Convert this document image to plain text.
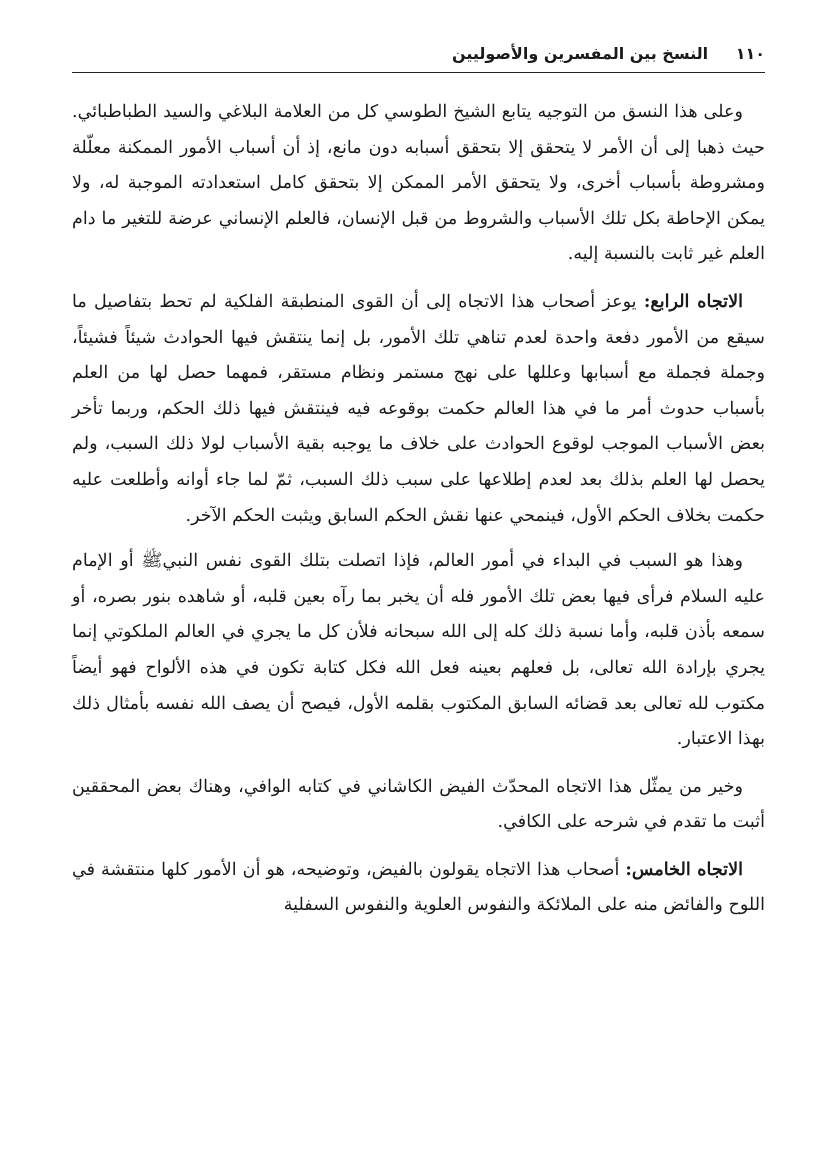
١١٠ النسخ بين المفسرين والأصوليين

وعلى هذا النسق من التوجيه يتابع الشيخ الطوسي كل من العلامة البلاغي والسيد الطباطبائي. حيث ذهبا إلى أن الأمر لا يتحقق إلا بتحقق أسبابه دون مانع، إذ أن أسباب الأمور الممكنة معلّلة ومشروطة بأسباب أخرى، ولا يتحقق الأمر الممكن إلا بتحقق كامل استعدادته الموجبة له، ولا يمكن الإحاطة بكل تلك الأسباب والشروط من قبل الإنسان، فالعلم الإنساني عرضة للتغير ما دام العلم غير ثابت بالنسبة إليه.

الاتجاه الرابع: يوعز أصحاب هذا الاتجاه إلى أن القوى المنطبقة الفلكية لم تحط بتفاصيل ما سيقع من الأمور دفعة واحدة لعدم تناهي تلك الأمور، بل إنما ينتقش فيها الحوادث شيئاً فشيئاً، وجملة فجملة مع أسبابها وعللها على نهج مستمر ونظام مستقر، فمهما حصل لها من العلم بأسباب حدوث أمر ما في هذا العالم حكمت بوقوعه فيه فينتقش فيها ذلك الحكم، وربما تأخر بعض الأسباب الموجب لوقوع الحوادث على خلاف ما يوجبه بقية الأسباب لولا ذلك السبب، ولم يحصل لها العلم بذلك بعد لعدم إطلاعها على سبب ذلك السبب، ثمّ لما جاء أوانه وأطلعت عليه حكمت بخلاف الحكم الأول، فينمحي عنها نقش الحكم السابق ويثبت الحكم الآخر.

وهذا هو السبب في البداء في أمور العالم، فإذا اتصلت بتلك القوى نفس النبيﷺ أو الإمام عليه السلام فرأى فيها بعض تلك الأمور فله أن يخبر بما رآه بعين قلبه، أو شاهده بنور بصره، أو سمعه بأذن قلبه، وأما نسبة ذلك كله إلى الله سبحانه فلأن كل ما يجري في العالم الملكوتي إنما يجري بإرادة الله تعالى، بل فعلهم بعينه فعل الله فكل كتابة تكون في هذه الألواح فهو أيضاً مكتوب لله تعالى بعد قضائه السابق المكتوب بقلمه الأول، فيصح أن يصف الله نفسه بأمثال ذلك بهذا الاعتبار.

وخير من يمثّل هذا الاتجاه المحدّث الفيض الكاشاني في كتابه الوافي، وهناك بعض المحققين أثبت ما تقدم في شرحه على الكافي.

الاتجاه الخامس: أصحاب هذا الاتجاه يقولون بالفيض، وتوضيحه، هو أن الأمور كلها منتقشة في اللوح والفائض منه على الملائكة والنفوس العلوية والنفوس السفلية
